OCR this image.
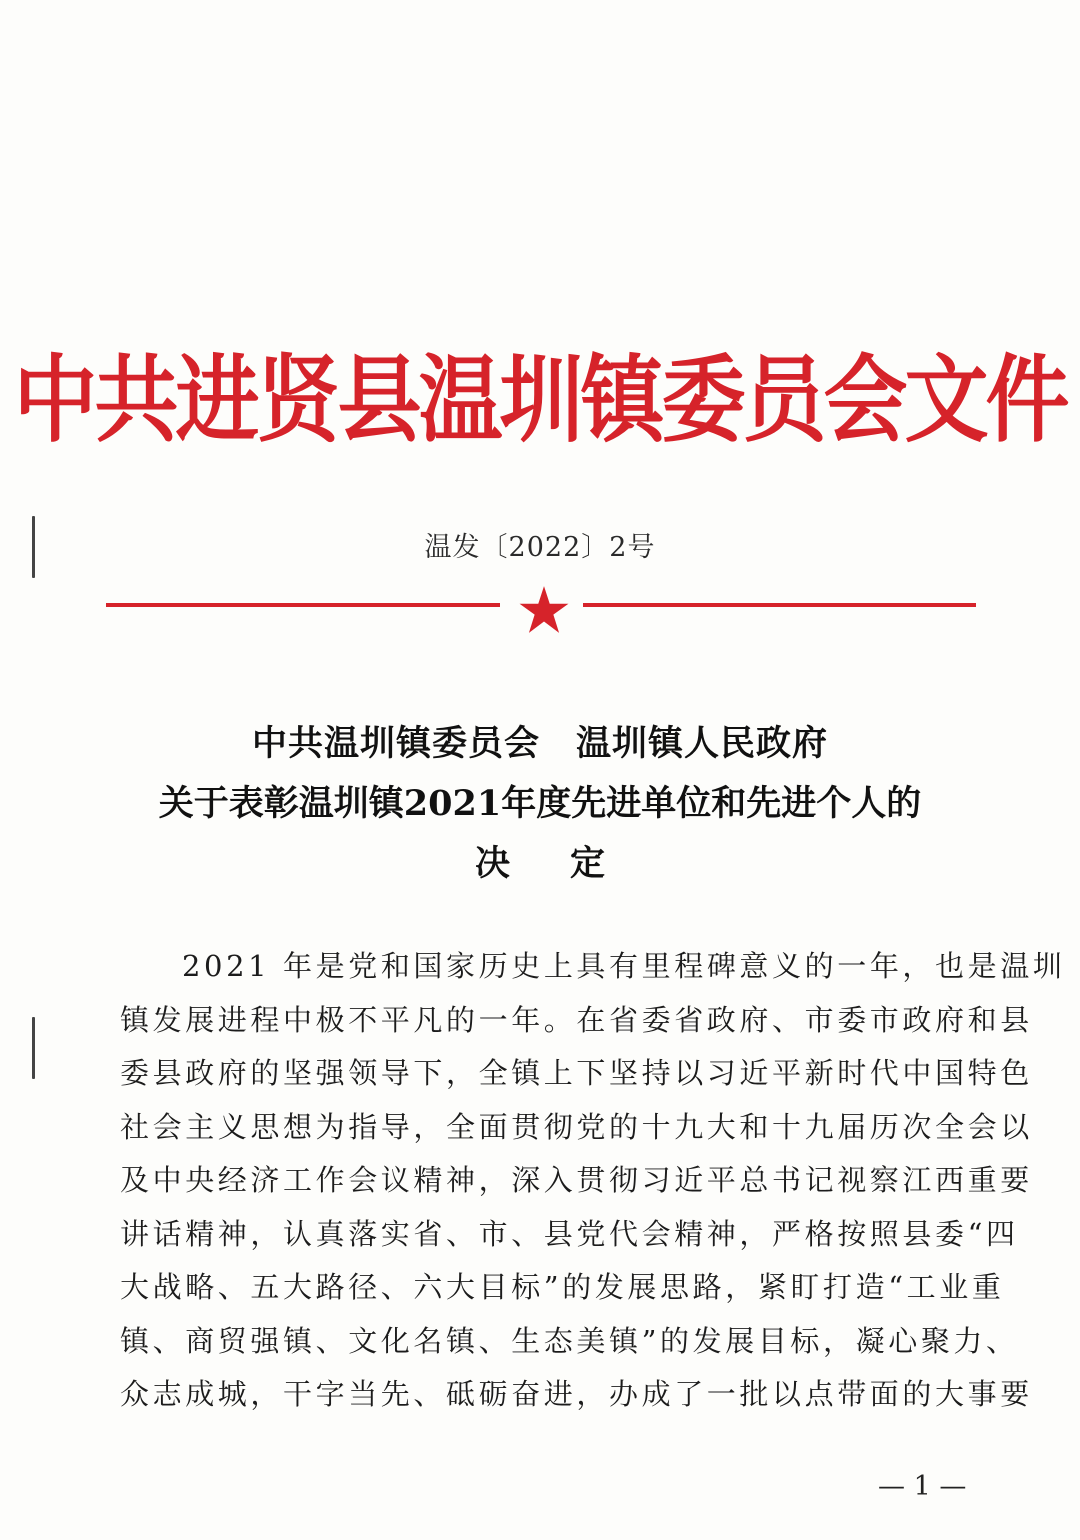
中共进贤县温圳镇委员会文件
温发〔2022〕2号
中共温圳镇委员会　温圳镇人民政府
关于表彰温圳镇2021年度先进单位和先进个人的
决定
2021 年是党和国家历史上具有里程碑意义的一年，也是温圳
镇发展进程中极不平凡的一年。在省委省政府、市委市政府和县
委县政府的坚强领导下，全镇上下坚持以习近平新时代中国特色
社会主义思想为指导，全面贯彻党的十九大和十九届历次全会以
及中央经济工作会议精神，深入贯彻习近平总书记视察江西重要
讲话精神，认真落实省、市、县党代会精神，严格按照县委“四
大战略、五大路径、六大目标”的发展思路，紧盯打造“工业重
镇、商贸强镇、文化名镇、生态美镇”的发展目标，凝心聚力、
众志成城，干字当先、砥砺奋进，办成了一批以点带面的大事要
— 1 —
